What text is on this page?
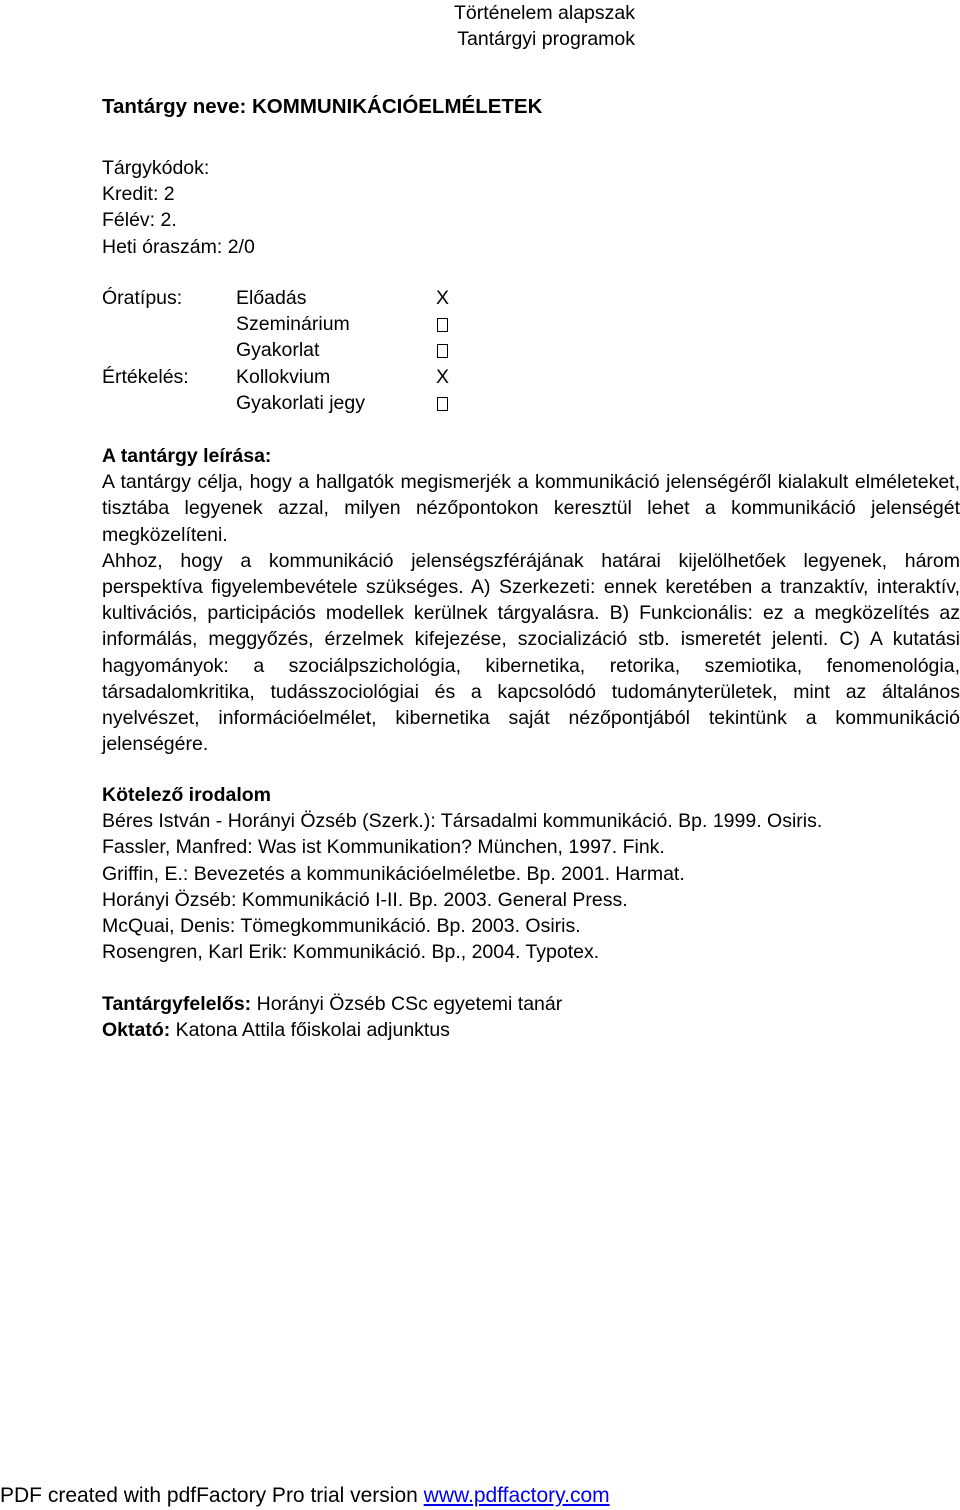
Történelem alapszak
Tantárgyi programok
Tantárgy neve: KOMMUNIKÁCIÓELMÉLETEK
Tárgykódok:
Kredit: 2
Félév: 2.
Heti óraszám: 2/0
Óratípus:	Előadás	X
	Szeminárium	
	Gyakorlat	
Értékelés:	Kollokvium	X
	Gyakorlati jegy	
A tantárgy leírása:

A tantárgy célja, hogy a hallgatók megismerjék a kommunikáció jelenségéről kialakult elméleteket, tisztába legyenek azzal, milyen nézőpontokon keresztül lehet a kommunikáció jelenségét megközelíteni.

Ahhoz, hogy a kommunikáció jelenségszférájának határai kijelölhetőek legyenek, három perspektíva figyelembevétele szükséges. A) Szerkezeti: ennek keretében a tranzaktív, interaktív, kultivációs, participációs modellek kerülnek tárgyalásra. B) Funkcionális: ez a megközelítés az informálás, meggyőzés, érzelmek kifejezése, szocializáció stb. ismeretét jelenti. C) A kutatási hagyományok: a szociálpszichológia, kibernetika, retorika, szemiotika, fenomenológia, társadalomkritika, tudásszociológiai és a kapcsolódó tudományterületek, mint az általános nyelvészet, információelmélet, kibernetika saját nézőpontjából tekintünk a kommunikáció jelenségére.

Kötelező irodalom
Béres István - Horányi Özséb (Szerk.): Társadalmi kommunikáció. Bp. 1999. Osiris.
Fassler, Manfred: Was ist Kommunikation? München, 1997. Fink.
Griffin, E.: Bevezetés a kommunikációelméletbe. Bp. 2001. Harmat.
Horányi Özséb: Kommunikáció I-II. Bp. 2003. General Press.
McQuai, Denis: Tömegkommunikáció. Bp. 2003. Osiris.
Rosengren, Karl Erik: Kommunikáció. Bp., 2004. Typotex.
Tantárgyfelelős: Horányi Özséb CSc egyetemi tanár
Oktató: Katona Attila főiskolai adjunktus
PDF created with pdfFactory Pro trial version www.pdffactory.com
